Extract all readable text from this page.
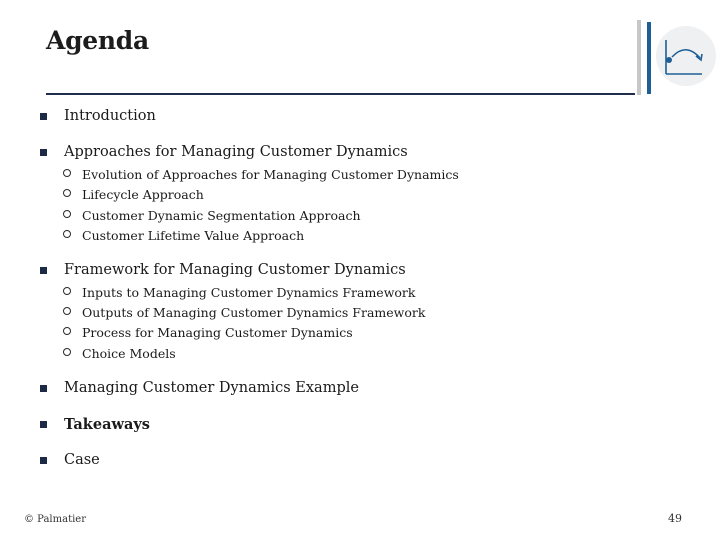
Agenda
Introduction
Approaches for Managing Customer Dynamics
Evolution of Approaches for Managing Customer Dynamics
Lifecycle Approach
Customer Dynamic Segmentation Approach
Customer Lifetime Value Approach
Framework for Managing Customer Dynamics
Inputs to Managing Customer Dynamics Framework
Outputs of Managing Customer Dynamics Framework
Process for Managing Customer Dynamics
Choice Models
Managing Customer Dynamics Example
Takeaways
Case
© Palmatier	49
